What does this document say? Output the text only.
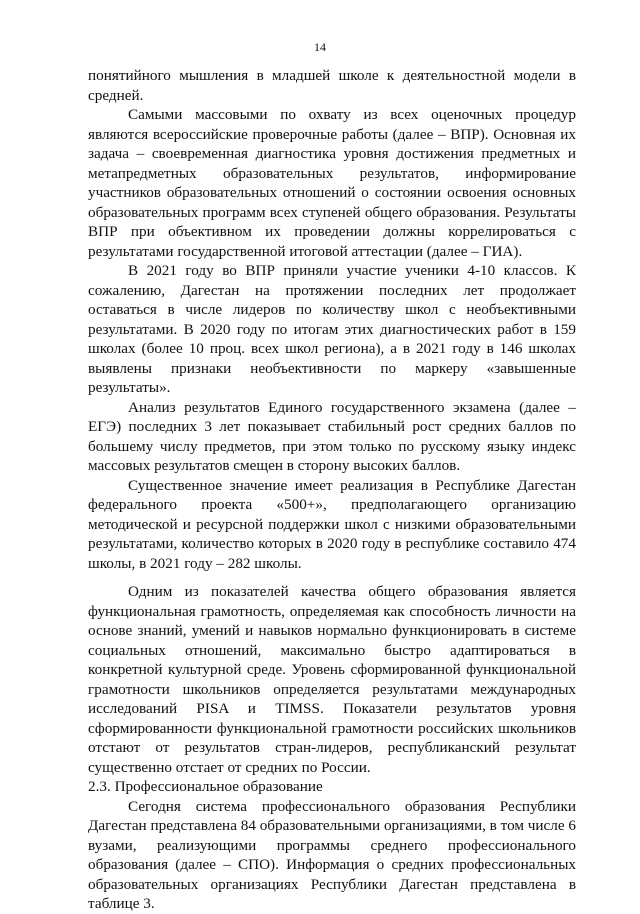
14

понятийного мышления в младшей школе к деятельностной модели в средней.

Самыми массовыми по охвату из всех оценочных процедур являются всероссийские проверочные работы (далее – ВПР). Основная их задача – своевременная диагностика уровня достижения предметных и метапредметных образовательных результатов, информирование участников образовательных отношений о состоянии освоения основных образовательных программ всех ступеней общего образования. Результаты ВПР при объективном их проведении должны коррелироваться с результатами государственной итоговой аттестации (далее – ГИА).

В 2021 году во ВПР приняли участие ученики 4-10 классов. К сожалению, Дагестан на протяжении последних лет продолжает оставаться в числе лидеров по количеству школ с необъективными результатами. В 2020 году по итогам этих диагностических работ в 159 школах (более 10 проц. всех школ региона), а в 2021 году в 146 школах выявлены признаки необъективности по маркеру «завышенные результаты».

Анализ результатов Единого государственного экзамена (далее – ЕГЭ) последних 3 лет показывает стабильный рост средних баллов по большему числу предметов, при этом только по русскому языку индекс массовых результатов смещен в сторону высоких баллов.

Существенное значение имеет реализация в Республике Дагестан федерального проекта «500+», предполагающего организацию методической и ресурсной поддержки школ с низкими образовательными результатами, количество которых в 2020 году в республике составило 474 школы, в 2021 году – 282 школы.

Одним из показателей качества общего образования является функциональная грамотность, определяемая как способность личности на основе знаний, умений и навыков нормально функционировать в системе социальных отношений, максимально быстро адаптироваться в конкретной культурной среде. Уровень сформированной функциональной грамотности школьников определяется результатами международных исследований PISA и TIMSS. Показатели результатов уровня сформированности функциональной грамотности российских школьников отстают от результатов стран-лидеров, республиканский результат существенно отстает от средних по России.

2.3. Профессиональное образование

Сегодня система профессионального образования Республики Дагестан представлена 84 образовательными организациями, в том числе 6 вузами, реализующими программы среднего профессионального образования (далее – СПО). Информация о средних профессиональных образовательных организациях Республики Дагестан представлена в таблице 3.
